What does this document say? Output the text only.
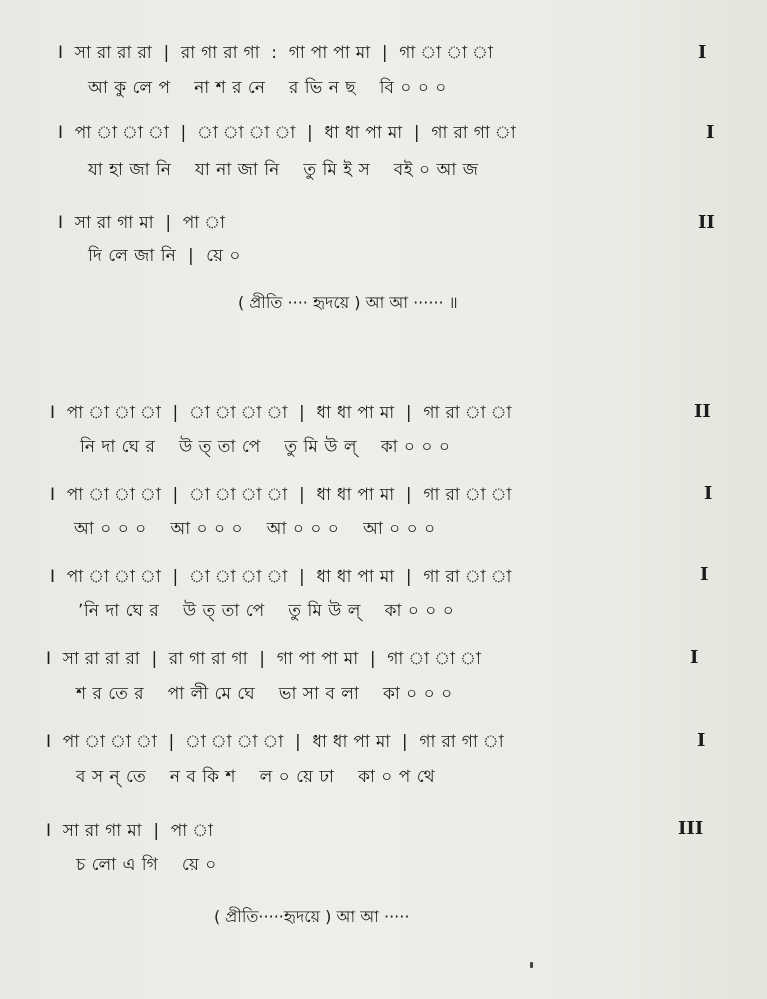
I  সা রা রা রা  |  রা গা রা গা  :  গা পা পা মা  |  গা া া া	I
আ কু লে প    না শ র নে    র ভি ন ছ    বি ০ ০ ০
I  পা া া া  |  া া া া  |  ধা ধা পা মা  |  গা রা গা া	I
যা হা জা নি    যা না জা নি    তু মি ই স    বই ০ আ জ
I  সা রা গা মা  |  পা া	II
দি লে জা নি  |  য়ে ০
( প্রীতি ···· হৃদয়ে ) আ আ ······ ॥
I  পা া া া  |  া া া া  |  ধা ধা পা মা  |  গা রা া া	II
নি দা ঘে র    উ ত্ তা পে    তু মি উ ল্    কা ০ ০ ০
I  পা া া া  |  া া া া  |  ধা ধা পা মা  |  গা রা া া	I
আ ০ ০ ০    আ ০ ০ ০    আ ০ ০ ০    আ ০ ০ ০
I  পা া া া  |  া া া া  |  ধা ধা পা মা  |  গা রা া া	I
ʼনি দা ঘে র    উ ত্ তা পে    তু মি উ ল্    কা ০ ০ ০
I  সা রা রা রা  |  রা গা রা গা  |  গা পা পা মা  |  গা া া া	I
শ র তে র    পা লী মে ঘে    ভা সা ব লা    কা ০ ০ ০
I  পা া া া  |  া া া া  |  ধা ধা পা মা  |  গা রা গা া	I
ব স ন্ তে    ন ব কি শ    ল ০ য়ে ঢা    কা ০ প থে
I  সা রা গা মা  |  পা া	III
চ লো এ গি    য়ে ০
( প্রীতি·····হৃদয়ে ) আ আ ·····
